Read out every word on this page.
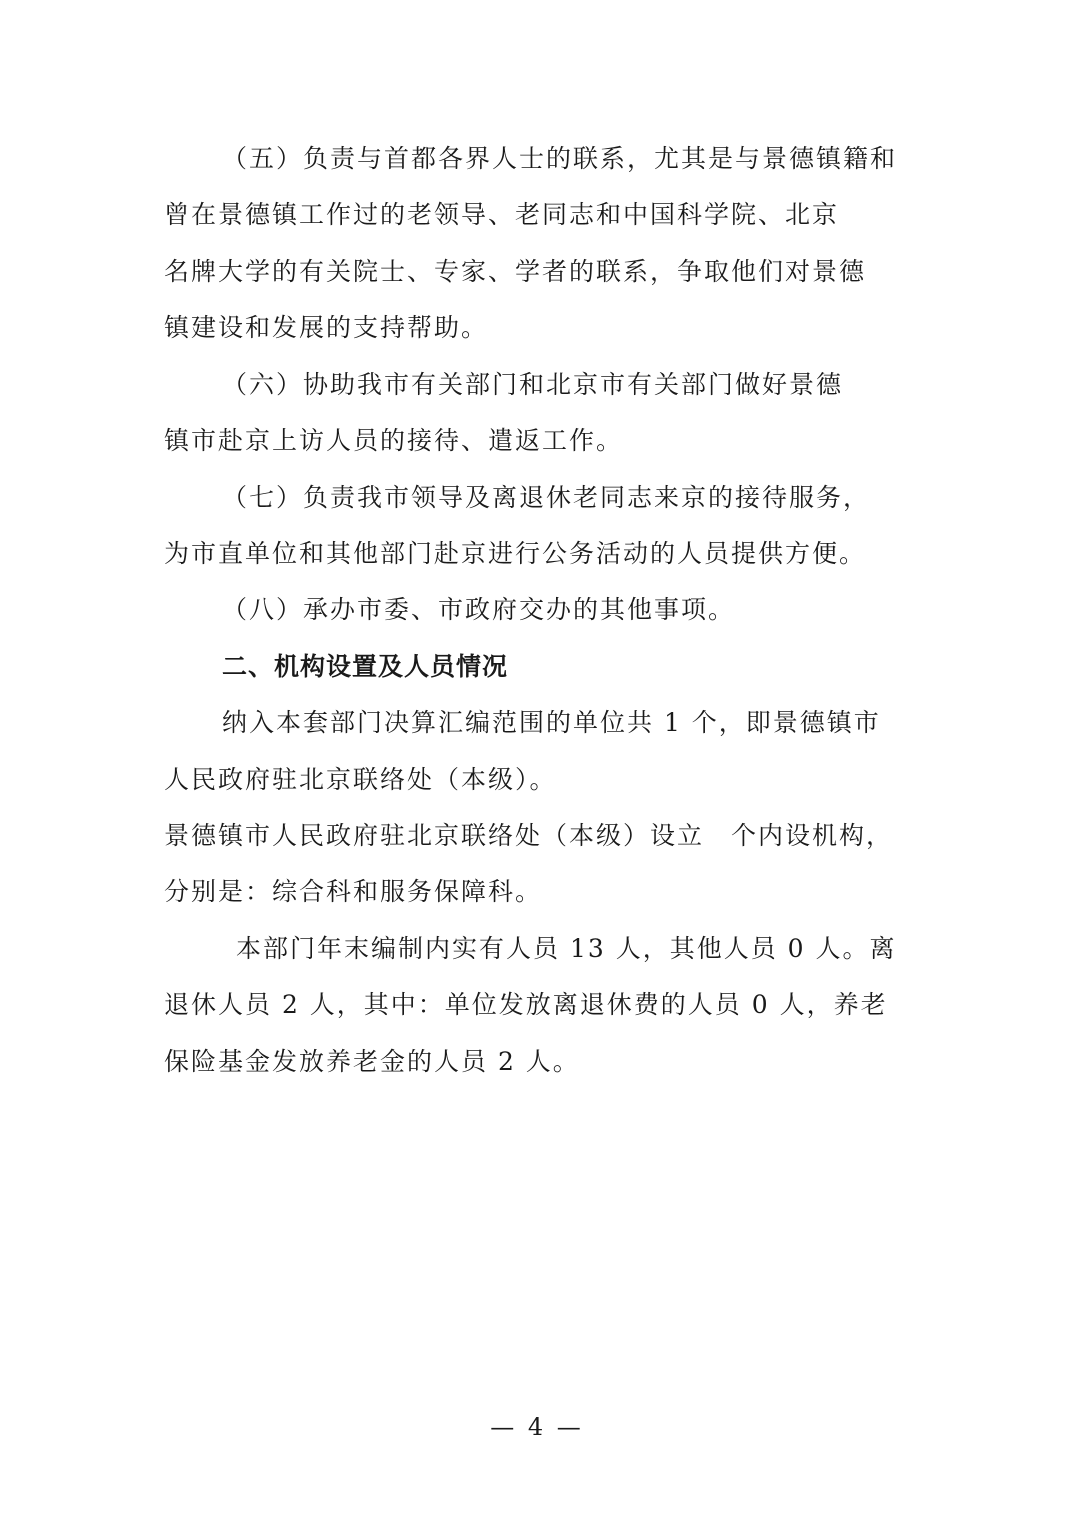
（五）负责与首都各界人士的联系，尤其是与景德镇籍和
曾在景德镇工作过的老领导、老同志和中国科学院、北京
名牌大学的有关院士、专家、学者的联系，争取他们对景德
镇建设和发展的支持帮助。
（六）协助我市有关部门和北京市有关部门做好景德
镇市赴京上访人员的接待、遣返工作。
（七）负责我市领导及离退休老同志来京的接待服务，
为市直单位和其他部门赴京进行公务活动的人员提供方便。
（八）承办市委、市政府交办的其他事项。
二、机构设置及人员情况
纳入本套部门决算汇编范围的单位共 1 个，即景德镇市
人民政府驻北京联络处（本级）。
景德镇市人民政府驻北京联络处（本级）设立　个内设机构，
分别是：综合科和服务保障科。
本部门年末编制内实有人员 13 人，其他人员 0 人。离
退休人员 2 人，其中：单位发放离退休费的人员 0 人，养老
保险基金发放养老金的人员 2 人。
— 4 —
